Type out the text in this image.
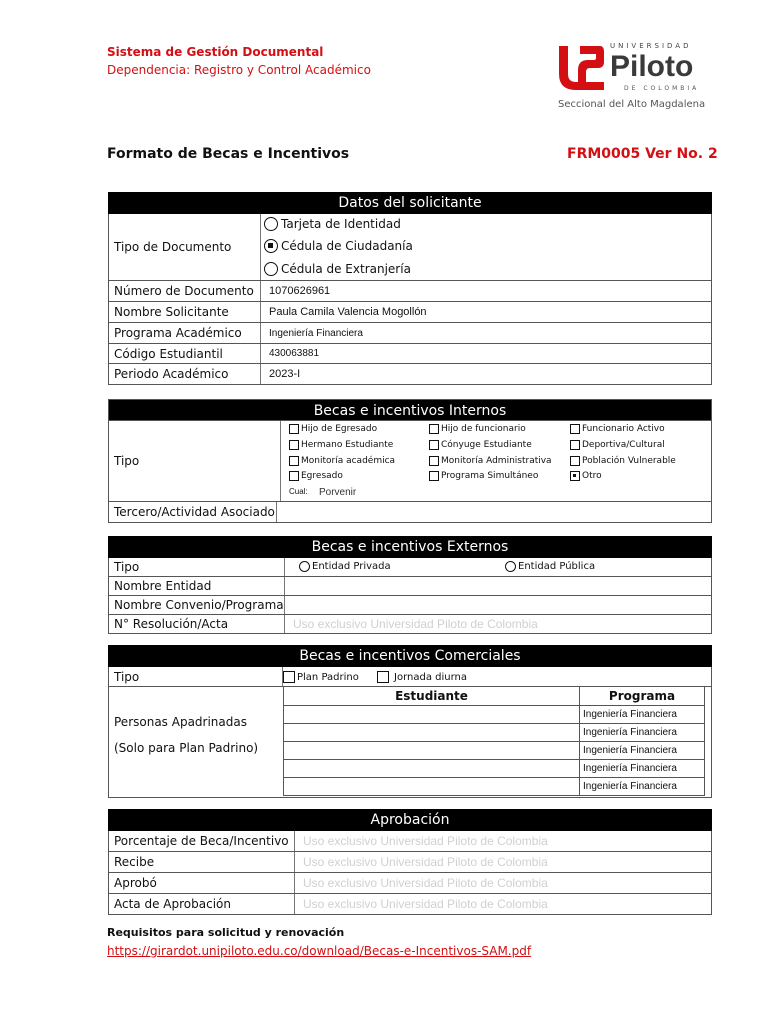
Sistema de Gestión Documental
Dependencia: Registro y Control Académico
UNIVERSIDAD
Piloto
DE COLOMBIA
Seccional del Alto Magdalena
Formato de Becas e Incentivos	FRM0005 Ver No. 2
Datos del solicitante
Tipo de Documento
Tarjeta de Identidad
Cédula de Ciudadanía
Cédula de Extranjería
Número de Documento	1070626961
Nombre Solicitante	Paula Camila Valencia Mogollón
Programa Académico	Ingeniería Financiera
Código Estudiantil	430063881
Periodo Académico	2023-I
Becas e incentivos Internos
Tipo
Hijo de Egresado	Hijo de funcionario	Funcionario Activo
Hermano Estudiante	Cónyuge Estudiante	Deportiva/Cultural
Monitoría académica	Monitoría Administrativa	Población Vulnerable
Egresado	Programa Simultáneo	Otro
Cual: Porvenir
Tercero/Actividad Asociado
Becas e incentivos Externos
Tipo	Entidad Privada	Entidad Pública
Nombre Entidad
Nombre Convenio/Programa
N° Resolución/Acta	Uso exclusivo Universidad Piloto de Colombia
Becas e incentivos Comerciales
Tipo	Plan Padrino	Jornada diurna
Personas Apadrinadas
(Solo para Plan Padrino)
Estudiante	Programa
	Ingeniería Financiera
	Ingeniería Financiera
	Ingeniería Financiera
	Ingeniería Financiera
	Ingeniería Financiera
Aprobación
Porcentaje de Beca/Incentivo	Uso exclusivo Universidad Piloto de Colombia
Recibe	Uso exclusivo Universidad Piloto de Colombia
Aprobó	Uso exclusivo Universidad Piloto de Colombia
Acta de Aprobación	Uso exclusivo Universidad Piloto de Colombia
Requisitos para solicitud y renovación
https://girardot.unipiloto.edu.co/download/Becas-e-Incentivos-SAM.pdf
